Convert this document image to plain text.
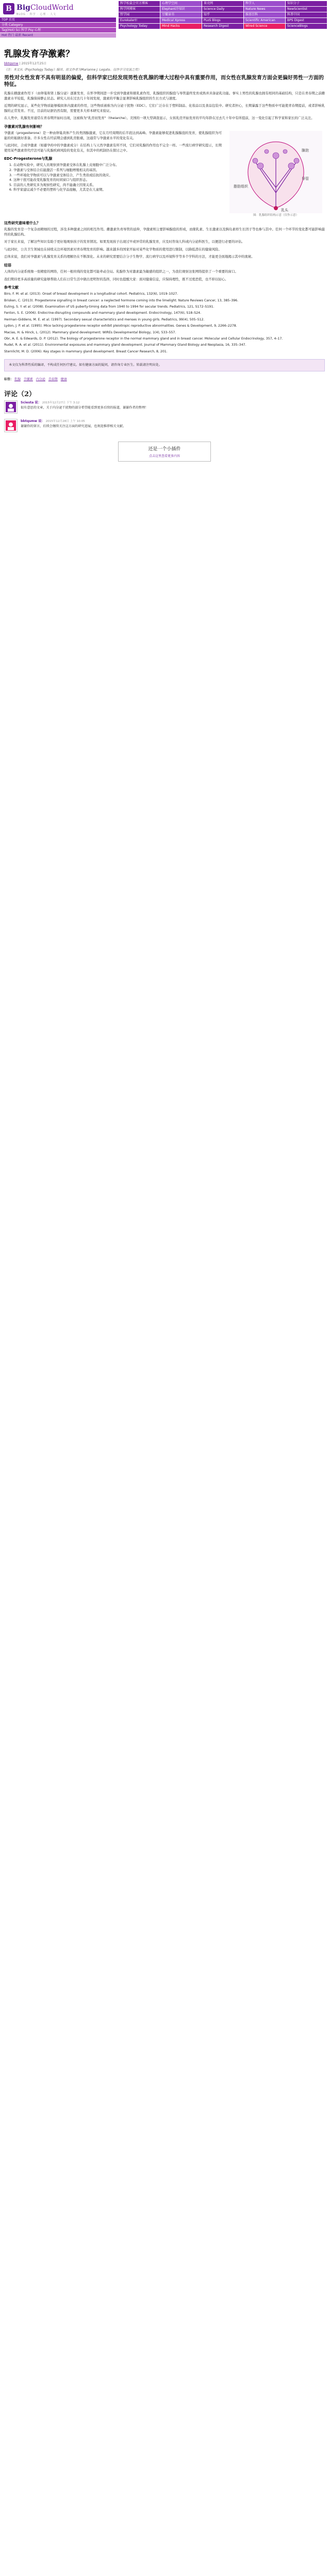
B BigCloudWorld
BLOG · 科学 · 心理 · 人文
科学松鼠会官方博客	心理学空间	果壳网	科学人	知识分子
科学网博客	Elephant冷知识	Science Daily	Nature News	NewScientist
哲学园	豆瓣读书	知乎	维基百科	科普中国
Eurekalert!	Medical Xpress	PLoS Blogs	Scientific American	BPS Digest
Psychology Today	Mind Hacks	Research Digest	Wired Science	ScienceBlogs
TOP 首页
分类 Category
Tag(Hot) Sci 科学 Psy 心理
Hot 热门 最新 Recent
乳腺发育孕激素？
bbtqsmw | 2015年12月25日
（注：本文从《Psychology Today》编译，原文作者为Marianne J. Legato。仅作学习交流之用）
男性对女性发育不具有明显的偏爱，但科学家已经发现男性在乳腺的增大过程中具有重要作用，而女性在乳腺发育方面会更偏好男性一方面的特征。

乳腺在雌激素作用下（由卵巢和肾上腺分泌）逐渐发育，在怀孕期间进一步受到孕激素和催乳素作用，乳腺组织的腺泡与导管最终发育成熟并具备泌乳功能。事实上男性的乳腺也拥有相同的基础结构，只是在青春期之前雌激素水平较低，乳腺保持静止状态。研究人员在过去几十年间发现，激素的平衡会显著影响乳腺组织的生长方式与速度。

近期的研究显示，某些化学物质能够模拟体内激素的作用，这些物质被称为内分泌干扰物（EDC）。它们广泛存在于塑料制品、化妆品以及食品包装中。研究者担心，长期暴露于这些物质中可能使青春期提前，或者影响乳腺的正常发育。不过，目前的证据仍然有限，需要更多大样本研究来验证。

在人类中，乳腺发育通常在青春期开始时出现，这被称为"乳房初发育"（thelarche）。美国的一项大型调查显示，女孩乳房开始发育的平均年龄在过去几十年中有所提前，这一变化引起了科学家和家长的广泛关注。

孕激素对乳腺有何影响？

孕激素（progesterone）是一种由卵巢黄体产生的类固醇激素，它在月经周期的后半段达到高峰。孕激素能够促进乳腺腺泡的发育，使乳腺组织为可能的妊娠做好准备。许多女性在经前期会感到乳房胀痛，这通常与孕激素水平的变化有关。

与此同时，合成孕激素（如避孕药中的孕激素成分）在结构上与天然孕激素有所不同，它们对乳腺的作用也不完全一样。一些流行病学研究提示，长期使用某些激素替代疗法可能与乳腺疾病风险的变化有关，但其中的机制仍在探讨之中。

EDC-Progesterone与乳腺
1. 在动物实验中，研究人员观察到孕激素受体在乳腺上皮细胞中广泛分布。
2. 孕激素与受体结合后能激活一系列与细胞增殖相关的基因。
3. 一些环境化学物质可以与孕激素受体结合，产生类似或拮抗的效应。
4. 这种干扰可能改变乳腺发育的时间窗口与组织形态。
5. 目前的人类研究多为观察性研究，尚不能确立因果关系。
6. 科学家建议减少不必要的塑料与化学品接触，尤其是在儿童期。
腺泡
导管
脂肪组织
乳头
图：乳腺组织结构示意（仅作示意）
这些研究意味着什么？

乳腺的发育是一个复杂而精细的过程，涉及多种激素之间的相互作用。雌激素负责导管的延伸，孕激素则主要影响腺泡的形成，而催乳素、生长激素以及胰岛素样生长因子等也参与其中。任何一个环节的变化都可能影响最终的乳腺结构。

对于家长来说，了解这些知识有助于更好地观察孩子的发育情况。如果发现孩子出现过早或异常的乳腺发育，应及时咨询儿科或内分泌科医生，以便进行必要的评估。

与此同时，公共卫生领域也在持续关注环境因素对青春期发育的影响。越来越多的国家开始对某些化学物质的使用进行限制，以降低潜在的健康风险。

总体来说，我们对孕激素与乳腺发育关系的理解仍在不断深化。未来的研究需要结合分子生物学、流行病学以及环境科学等多个学科的方法，才能更全面地揭示其中的奥秘。

结语

人体的内分泌系统像一张精密的网络，任何一根丝线的变化都可能牵动全局。乳腺作为对激素最为敏感的组织之一，为我们观察这张网络提供了一个重要的窗口。

我们期待更多高质量的研究能够帮助人们在日常生活中做出更明智的选择，同时也提醒大家：面对健康信息，应保持理性，既不过度恐慌，也不掉以轻心。

参考文献
Biro, F. M. et al. (2013). Onset of breast development in a longitudinal cohort. Pediatrics, 132(6), 1019–1027.
Brisken, C. (2013). Progesterone signalling in breast cancer: a neglected hormone coming into the limelight. Nature Reviews Cancer, 13, 385–396.
Euling, S. Y. et al. (2008). Examination of US puberty-timing data from 1940 to 1994 for secular trends. Pediatrics, 121, S172–S191.
Fenton, S. E. (2006). Endocrine-disrupting compounds and mammary gland development. Endocrinology, 147(6), S18–S24.
Herman-Giddens, M. E. et al. (1997). Secondary sexual characteristics and menses in young girls. Pediatrics, 99(4), 505–512.
Lydon, J. P. et al. (1995). Mice lacking progesterone receptor exhibit pleiotropic reproductive abnormalities. Genes & Development, 9, 2266–2278.
Macias, H. & Hinck, L. (2012). Mammary gland development. WIREs Developmental Biology, 1(4), 533–557.
Obr, A. E. & Edwards, D. P. (2012). The biology of progesterone receptor in the normal mammary gland and in breast cancer. Molecular and Cellular Endocrinology, 357, 4–17.
Rudel, R. A. et al. (2011). Environmental exposures and mammary gland development. Journal of Mammary Gland Biology and Neoplasia, 16, 335–347.
Sternlicht, M. D. (2006). Key stages in mammary gland development. Breast Cancer Research, 8, 201.
本文仅为科普性质的编译，不构成任何医疗建议。如有健康方面的疑问，请咨询专业医生。转载请注明出处。
标签： 乳腺 孕激素 内分泌 青春期 健康
评论（2）
Sciesta 说： 2015年12月27日 下午 3:12
很有意思的文章，关于内分泌干扰物的部分希望能看到更多后续的报道，谢谢作者的整理！
bbtqsmw 说： 2015年12月28日 上午 10:05
谢谢你的留言，后续会继续关注这方面的研究进展，也欢迎推荐相关文献。
还是一个小插件
点击这里查看更多内容
